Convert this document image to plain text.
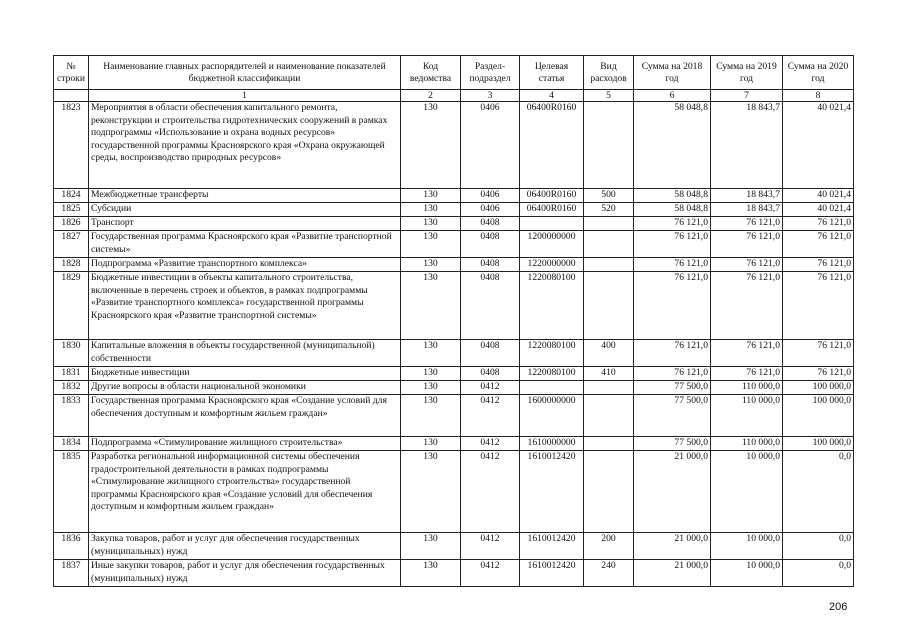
№ строки	Наименование главных распорядителей и наименование показателей бюджетной классификации	Код ведомства	Раздел-подраздел	Целевая статья	Вид расходов	Сумма на 2018 год	Сумма на 2019 год	Сумма на 2020 год
	1	2	3	4	5	6	7	8
1823	Мероприятия в области обеспечения капитального ремонта, реконструкции и строительства гидротехнических сооружений в рамках подпрограммы «Использование и охрана водных ресурсов» государственной программы Красноярского края «Охрана окружающей среды, воспроизводство природных ресурсов»	130	0406	06400R0160		58 048,8	18 843,7	40 021,4
1824	Межбюджетные трансферты	130	0406	06400R0160	500	58 048,8	18 843,7	40 021,4
1825	Субсидии	130	0406	06400R0160	520	58 048,8	18 843,7	40 021,4
1826	Транспорт	130	0408			76 121,0	76 121,0	76 121,0
1827	Государственная программа Красноярского края «Развитие транспортной системы»	130	0408	1200000000		76 121,0	76 121,0	76 121,0
1828	Подпрограмма «Развитие транспортного комплекса»	130	0408	1220000000		76 121,0	76 121,0	76 121,0
1829	Бюджетные инвестиции в объекты капитального строительства, включенные в перечень строек и объектов, в рамках подпрограммы «Развитие транспортного комплекса» государственной программы Красноярского края «Развитие транспортной системы»	130	0408	1220080100		76 121,0	76 121,0	76 121,0
1830	Капитальные вложения в объекты государственной (муниципальной) собственности	130	0408	1220080100	400	76 121,0	76 121,0	76 121,0
1831	Бюджетные инвестиции	130	0408	1220080100	410	76 121,0	76 121,0	76 121,0
1832	Другие вопросы в области национальной экономики	130	0412			77 500,0	110 000,0	100 000,0
1833	Государственная программа Красноярского края «Создание условий для обеспечения доступным и комфортным жильем граждан»	130	0412	1600000000		77 500,0	110 000,0	100 000,0
1834	Подпрограмма «Стимулирование жилищного строительства»	130	0412	1610000000		77 500,0	110 000,0	100 000,0
1835	Разработка региональной информационной системы обеспечения градостроительной деятельности в рамках подпрограммы «Стимулирование жилищного строительства» государственной программы Красноярского края «Создание условий для обеспечения доступным и комфортным жильем граждан»	130	0412	1610012420		21 000,0	10 000,0	0,0
1836	Закупка товаров, работ и услуг для обеспечения государственных (муниципальных) нужд	130	0412	1610012420	200	21 000,0	10 000,0	0,0
1837	Иные закупки товаров, работ и услуг для обеспечения государственных (муниципальных) нужд	130	0412	1610012420	240	21 000,0	10 000,0	0,0
206
